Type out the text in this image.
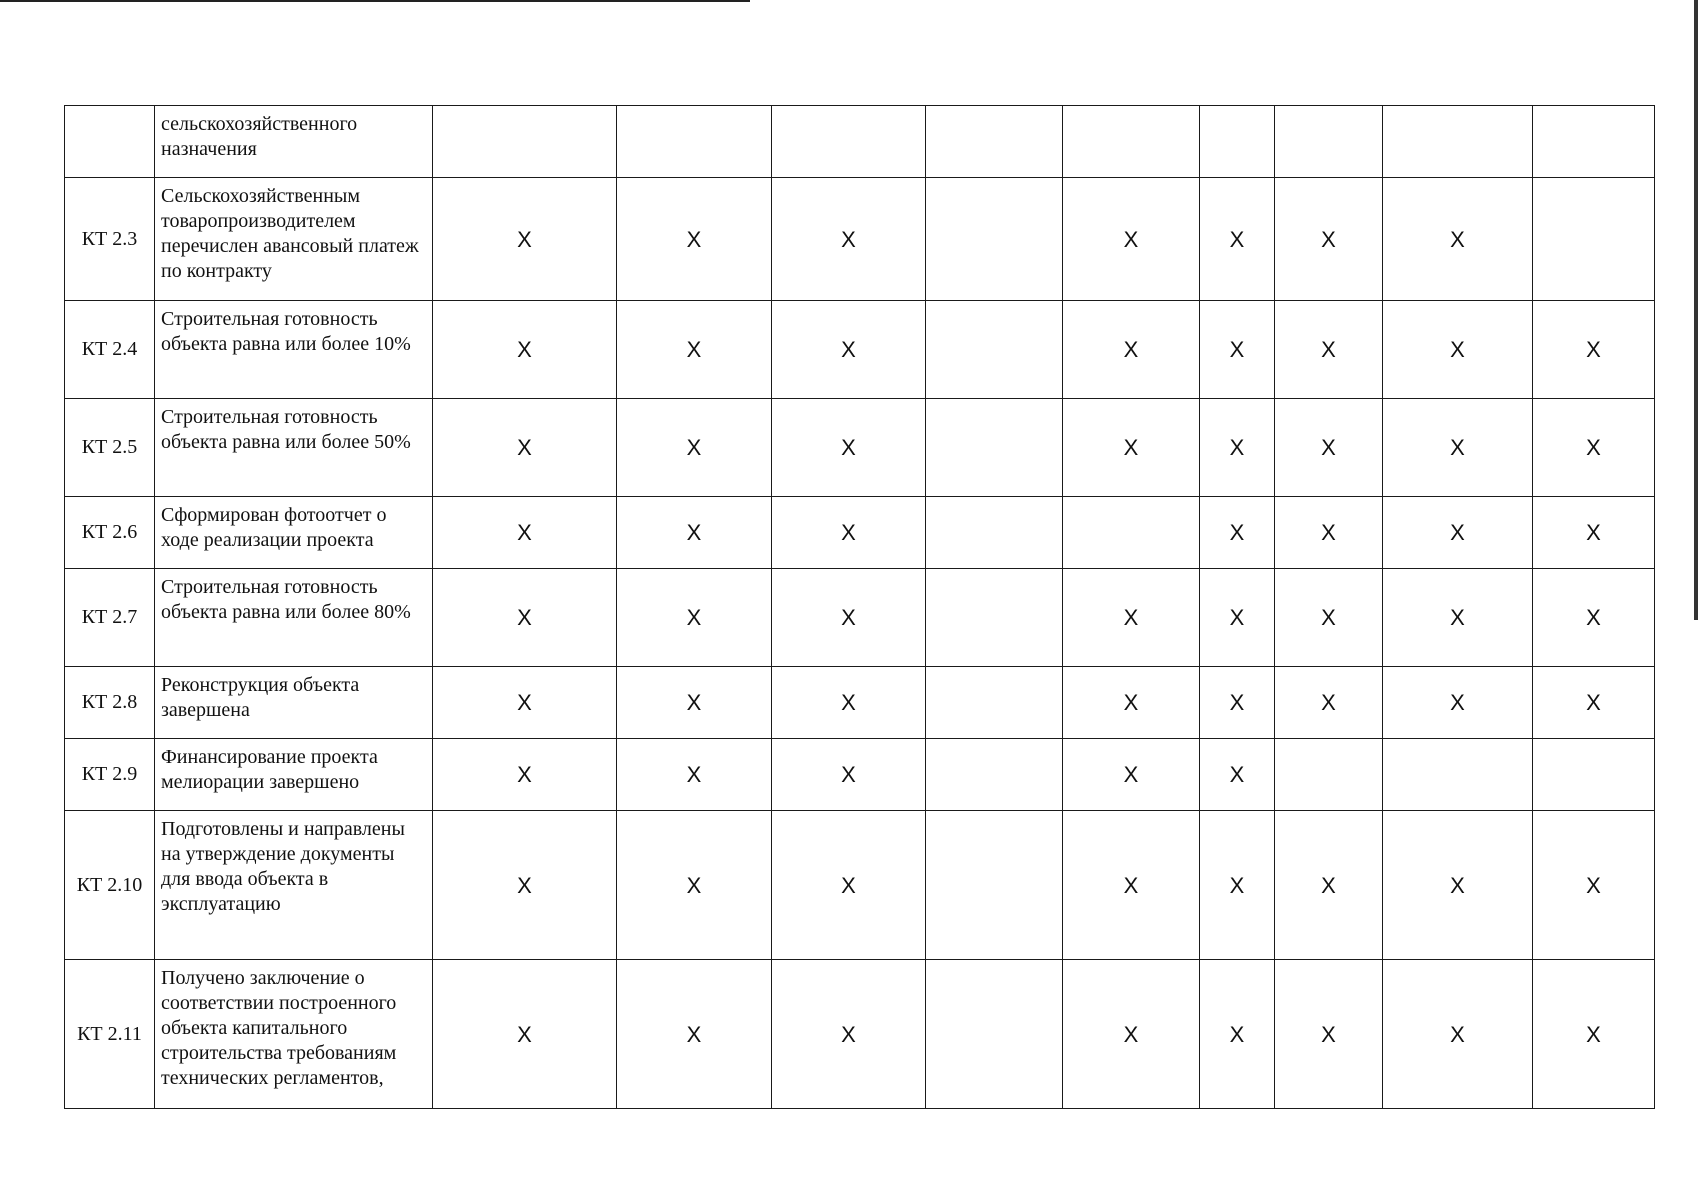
	сельскохозяйственного назначения									
КТ 2.3	Сельскохозяйственным товаропроизводителем перечислен авансовый платеж по контракту	X	X	X		X	X	X	X	
КТ 2.4	Строительная готовность объекта равна или более 10%	X	X	X		X	X	X	X	X
КТ 2.5	Строительная готовность объекта равна или более 50%	X	X	X		X	X	X	X	X
КТ 2.6	Сформирован фотоотчет о ходе реализации проекта	X	X	X			X	X	X	X
КТ 2.7	Строительная готовность объекта равна или более 80%	X	X	X		X	X	X	X	X
КТ 2.8	Реконструкция объекта завершена	X	X	X		X	X	X	X	X
КТ 2.9	Финансирование проекта мелиорации завершено	X	X	X		X	X			
КТ 2.10	Подготовлены и направлены на утверждение документы для ввода объекта в эксплуатацию	X	X	X		X	X	X	X	X
КТ 2.11	Получено заключение о соответствии построенного объекта капитального строительства требованиям технических регламентов,	X	X	X		X	X	X	X	X
